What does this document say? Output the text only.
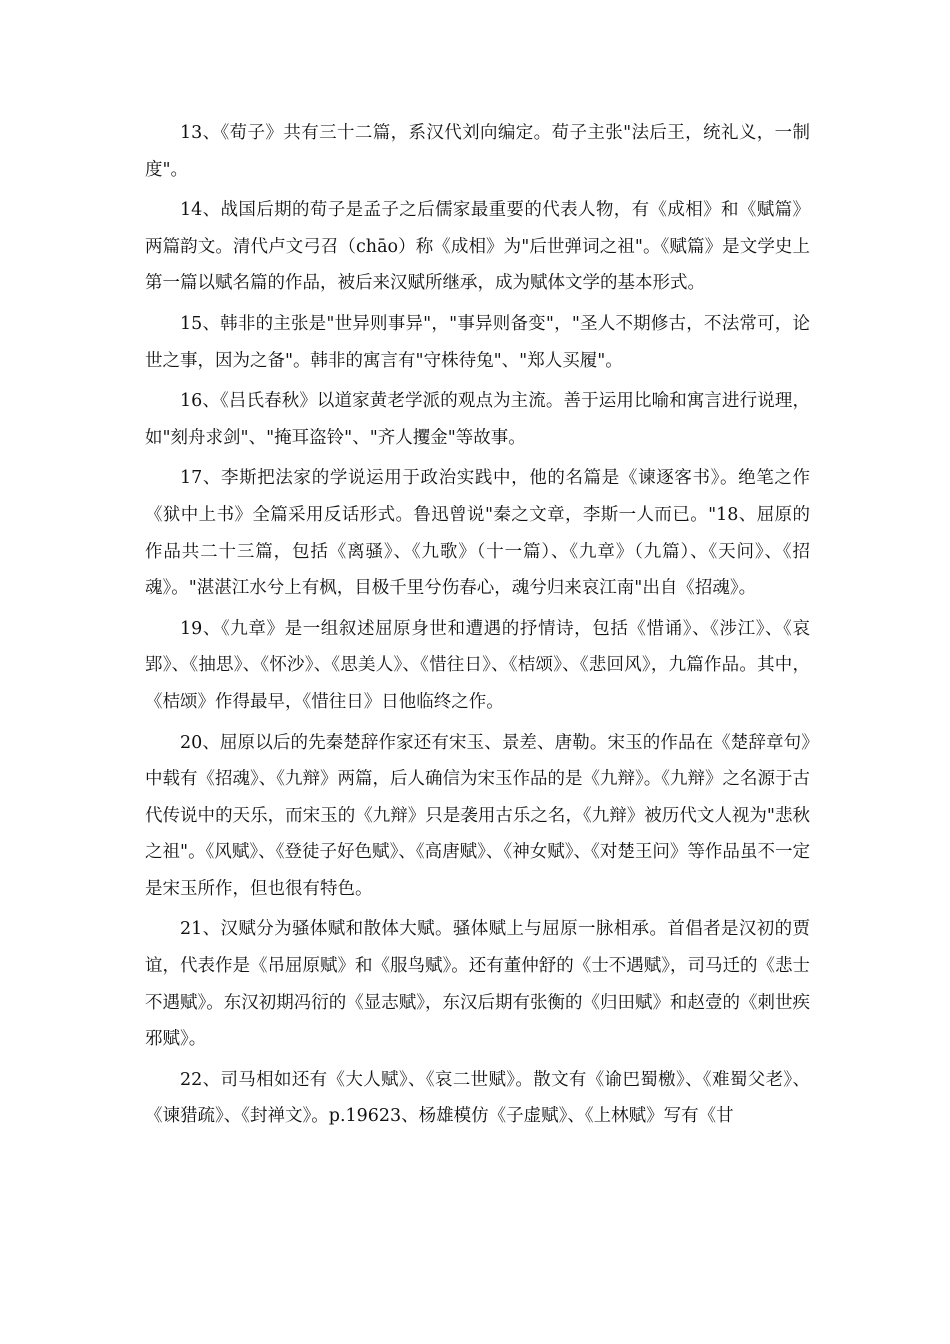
13、《荀子》共有三十二篇，系汉代刘向编定。荀子主张"法后王，统礼义，一制度"。

14、战国后期的荀子是孟子之后儒家最重要的代表人物，有《成相》和《赋篇》两篇韵文。清代卢文弓召（chāo）称《成相》为"后世弹词之祖"。《赋篇》是文学史上第一篇以赋名篇的作品，被后来汉赋所继承，成为赋体文学的基本形式。

15、韩非的主张是"世异则事异"，"事异则备变"，"圣人不期修古，不法常可，论世之事，因为之备"。韩非的寓言有"守株待兔"、"郑人买履"。

16、《吕氏春秋》以道家黄老学派的观点为主流。善于运用比喻和寓言进行说理，如"刻舟求剑"、"掩耳盗铃"、"齐人攫金"等故事。

17、李斯把法家的学说运用于政治实践中，他的名篇是《谏逐客书》。绝笔之作《狱中上书》全篇采用反话形式。鲁迅曾说"秦之文章，李斯一人而已。"18、屈原的作品共二十三篇，包括《离骚》、《九歌》（十一篇）、《九章》（九篇）、《天问》、《招魂》。"湛湛江水兮上有枫，目极千里兮伤春心，魂兮归来哀江南"出自《招魂》。

19、《九章》是一组叙述屈原身世和遭遇的抒情诗，包括《惜诵》、《涉江》、《哀郢》、《抽思》、《怀沙》、《思美人》、《惜往日》、《桔颂》、《悲回风》，九篇作品。其中，《桔颂》作得最早，《惜往日》日他临终之作。

20、屈原以后的先秦楚辞作家还有宋玉、景差、唐勒。宋玉的作品在《楚辞章句》中载有《招魂》、《九辩》两篇，后人确信为宋玉作品的是《九辩》。《九辩》之名源于古代传说中的天乐，而宋玉的《九辩》只是袭用古乐之名，《九辩》被历代文人视为"悲秋之祖"。《风赋》、《登徒子好色赋》、《高唐赋》、《神女赋》、《对楚王问》等作品虽不一定是宋玉所作，但也很有特色。

21、汉赋分为骚体赋和散体大赋。骚体赋上与屈原一脉相承。首倡者是汉初的贾谊，代表作是《吊屈原赋》和《服鸟赋》。还有董仲舒的《士不遇赋》，司马迁的《悲士不遇赋》。东汉初期冯衍的《显志赋》，东汉后期有张衡的《归田赋》和赵壹的《刺世疾邪赋》。

22、司马相如还有《大人赋》、《哀二世赋》。散文有《谕巴蜀檄》、《难蜀父老》、《谏猎疏》、《封禅文》。p.19623、杨雄模仿《子虚赋》、《上林赋》写有《甘
